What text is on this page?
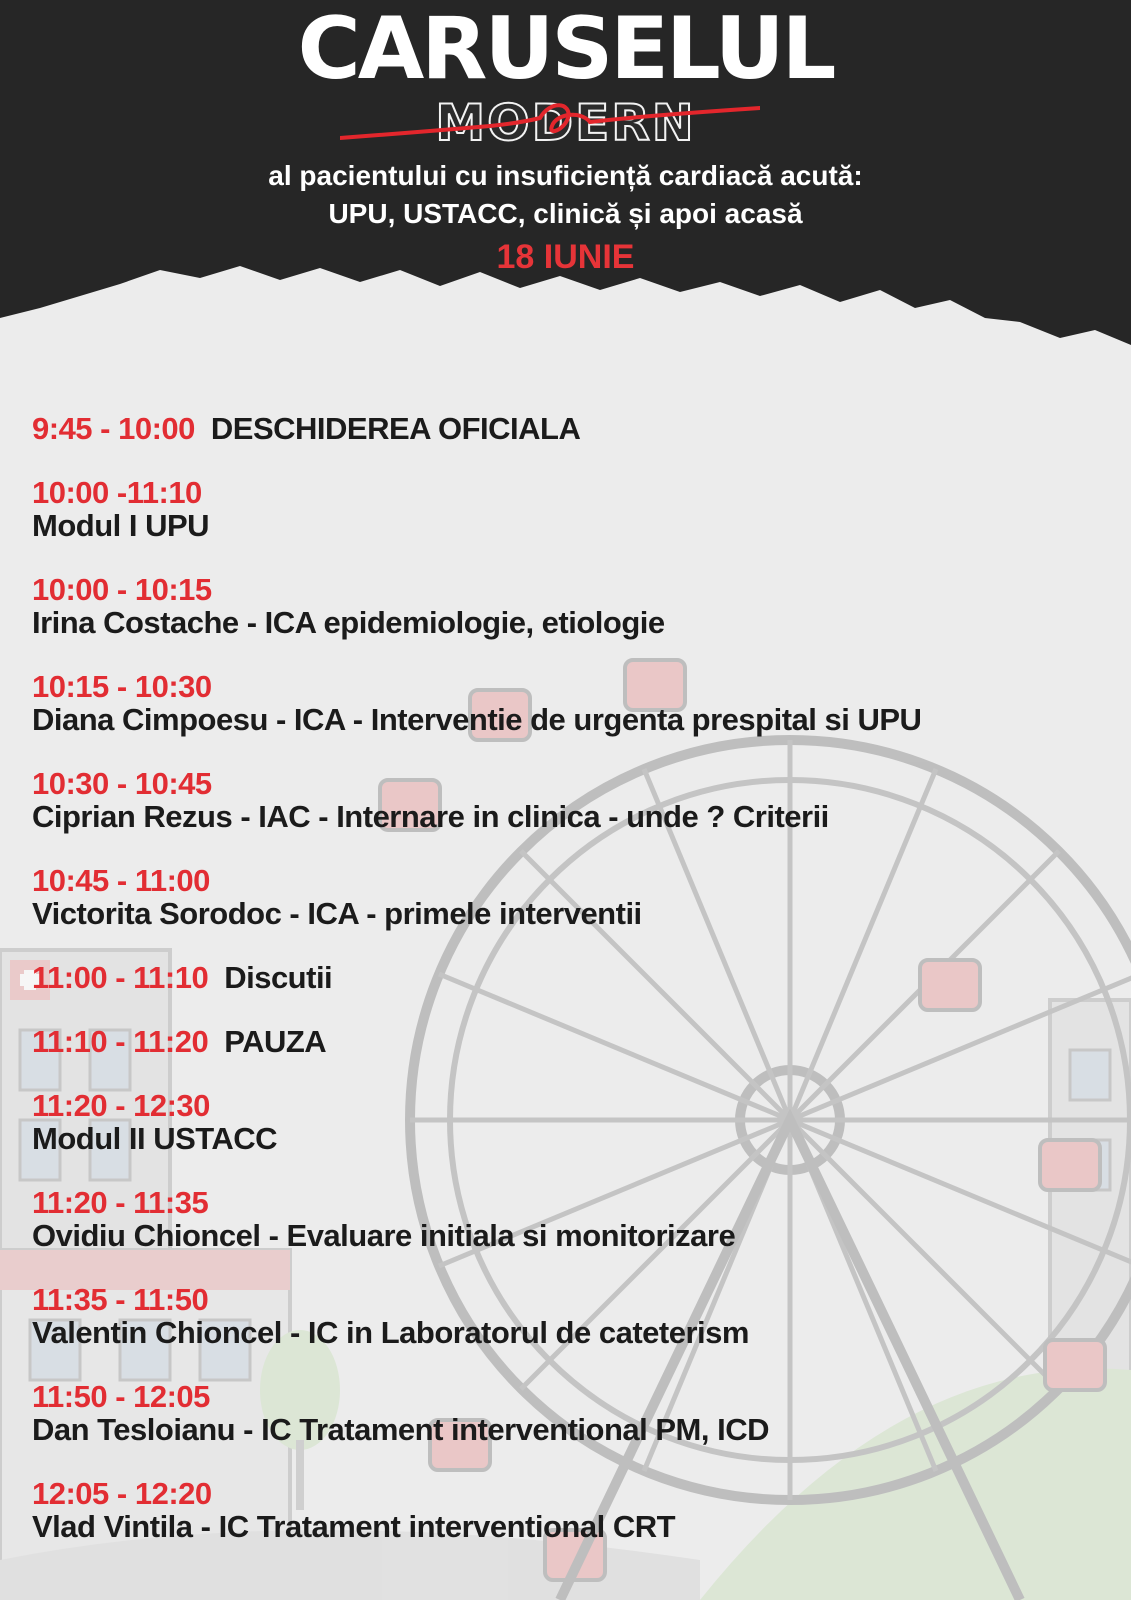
CARUSELUL
MODERN
al pacientului cu insuficiență cardiacă acută:
UPU, USTACC, clinică și apoi acasă
18 IUNIE
9:45 - 10:00 DESCHIDEREA OFICIALA
10:00 -11:10
Modul I UPU
10:00 - 10:15
Irina Costache - ICA epidemiologie, etiologie
10:15 - 10:30
Diana Cimpoesu - ICA - Interventie de urgenta prespital si UPU
10:30 - 10:45
Ciprian Rezus - IAC - Internare in clinica - unde ? Criterii
10:45 - 11:00
Victorita Sorodoc - ICA - primele interventii
11:00 - 11:10 Discutii
11:10 - 11:20 PAUZA
11:20 - 12:30
Modul II USTACC
11:20 - 11:35
Ovidiu Chioncel - Evaluare initiala si monitorizare
11:35 - 11:50
Valentin Chioncel - IC in Laboratorul de cateterism
11:50 - 12:05
Dan Tesloianu - IC Tratament interventional PM, ICD
12:05 - 12:20
Vlad Vintila - IC Tratament interventional CRT
